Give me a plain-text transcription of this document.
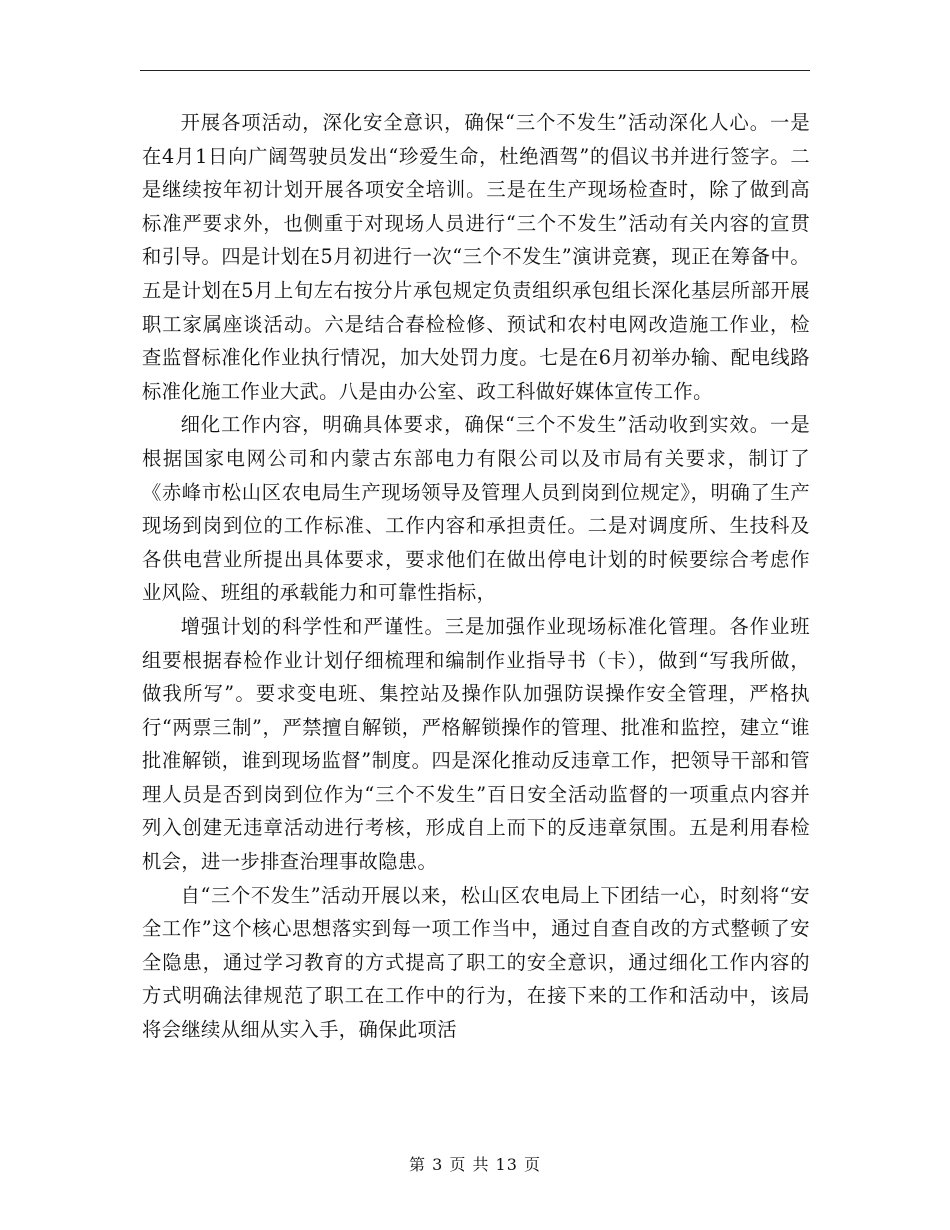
开展各项活动，深化安全意识，确保“三个不发生”活动深化人心。一是在4月1日向广阔驾驶员发出“珍爱生命，杜绝酒驾”的倡议书并进行签字。二是继续按年初计划开展各项安全培训。三是在生产现场检查时，除了做到高标准严要求外，也侧重于对现场人员进行“三个不发生”活动有关内容的宣贯和引导。四是计划在5月初进行一次“三个不发生”演讲竞赛，现正在筹备中。五是计划在5月上旬左右按分片承包规定负责组织承包组长深化基层所部开展职工家属座谈活动。六是结合春检检修、预试和农村电网改造施工作业，检查监督标准化作业执行情况，加大处罚力度。七是在6月初举办输、配电线路标准化施工作业大武。八是由办公室、政工科做好媒体宣传工作。

细化工作内容，明确具体要求，确保“三个不发生”活动收到实效。一是根据国家电网公司和内蒙古东部电力有限公司以及市局有关要求，制订了《赤峰市松山区农电局生产现场领导及管理人员到岗到位规定》，明确了生产现场到岗到位的工作标准、工作内容和承担责任。二是对调度所、生技科及各供电营业所提出具体要求，要求他们在做出停电计划的时候要综合考虑作业风险、班组的承载能力和可靠性指标，

增强计划的科学性和严谨性。三是加强作业现场标准化管理。各作业班组要根据春检作业计划仔细梳理和编制作业指导书（卡），做到“写我所做，做我所写”。要求变电班、集控站及操作队加强防误操作安全管理，严格执行“两票三制”，严禁擅自解锁，严格解锁操作的管理、批准和监控，建立“谁批准解锁，谁到现场监督”制度。四是深化推动反违章工作，把领导干部和管理人员是否到岗到位作为“三个不发生”百日安全活动监督的一项重点内容并列入创建无违章活动进行考核，形成自上而下的反违章氛围。五是利用春检机会，进一步排查治理事故隐患。

自“三个不发生”活动开展以来，松山区农电局上下团结一心，时刻将“安全工作”这个核心思想落实到每一项工作当中，通过自查自改的方式整顿了安全隐患，通过学习教育的方式提高了职工的安全意识，通过细化工作内容的方式明确法律规范了职工在工作中的行为，在接下来的工作和活动中，该局将会继续从细从实入手，确保此项活

第 3 页 共 13 页
